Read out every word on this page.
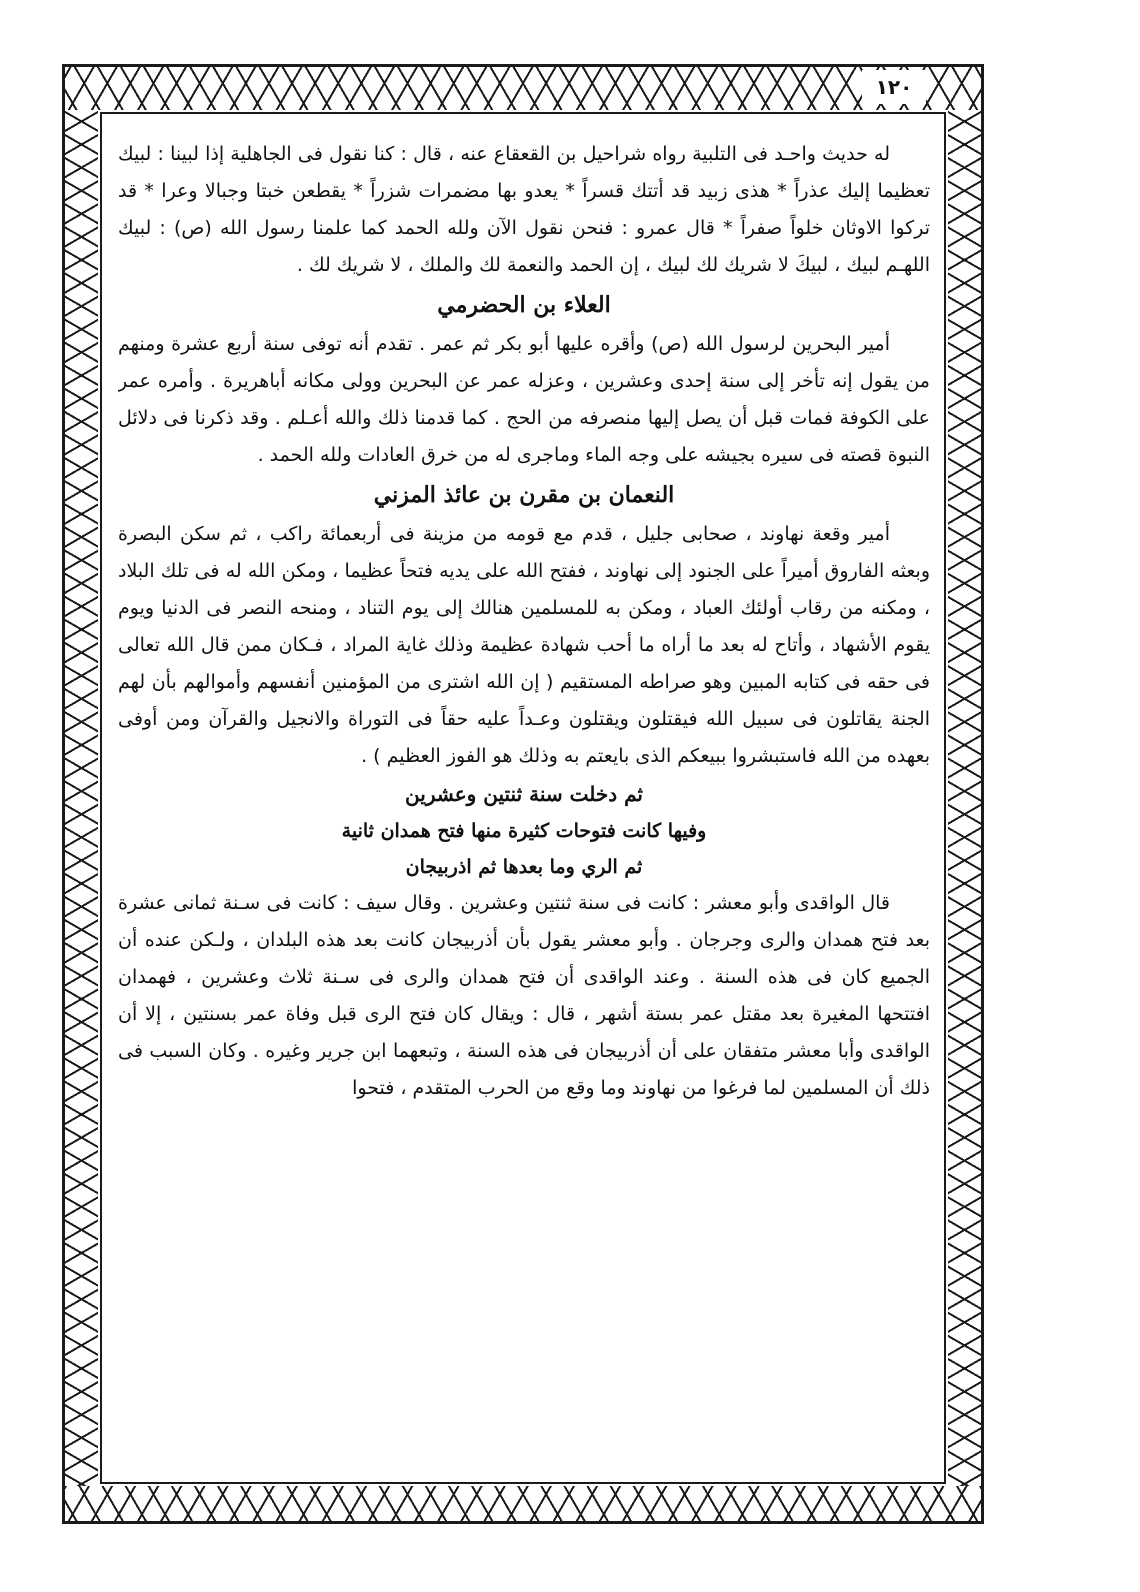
١٢٠

له حديث واحـد فى التلبية رواه شراحيل بن القعقاع عنه ، قال : كنا نقول فى الجاهلية إذا لبينا : لبيك تعظيما إليك عذراً * هذى زبيد قد أتتك قسراً * يعدو بها مضمرات شزراً * يقطعن خبتا وجبالا وعرا * قد تركوا الاوثان خلواً صفراً * قال عمرو : فنحن نقول الآن ولله الحمد كما علمنا رسول الله (ص) : لبيك اللهـم لبيك ، لبيكَ لا شريك لك لبيك ، إن الحمد والنعمة لك والملك ، لا شريك لك .

العلاء بن الحضرمي

أمير البحرين لرسول الله (ص) وأقره عليها أبو بكر ثم عمر . تقدم أنه توفى سنة أربع عشرة ومنهم من يقول إنه تأخر إلى سنة إحدى وعشرين ، وعزله عمر عن البحرين وولى مكانه أباهريرة . وأمره عمر على الكوفة فمات قبل أن يصل إليها منصرفه من الحج . كما قدمنا ذلك والله أعـلم . وقد ذكرنا فى دلائل النبوة قصته فى سيره بجيشه على وجه الماء وماجرى له من خرق العادات ولله الحمد .

النعمان بن مقرن بن عائذ المزني

أمير وقعة نهاوند ، صحابى جليل ، قدم مع قومه من مزينة فى أربعمائة راكب ، ثم سكن البصرة وبعثه الفاروق أميراً على الجنود إلى نهاوند ، ففتح الله على يديه فتحاً عظيما ، ومكن الله له فى تلك البلاد ، ومكنه من رقاب أولئك العباد ، ومكن به للمسلمين هنالك إلى يوم التناد ، ومنحه النصر فى الدنيا ويوم يقوم الأشهاد ، وأتاح له بعد ما أراه ما أحب شهادة عظيمة وذلك غاية المراد ، فـكان ممن قال الله تعالى فى حقه فى كتابه المبين وهو صراطه المستقيم ( إن الله اشترى من المؤمنين أنفسهم وأموالهم بأن لهم الجنة يقاتلون فى سبيل الله فيقتلون ويقتلون وعـداً عليه حقاً فى التوراة والانجيل والقرآن ومن أوفى بعهده من الله فاستبشروا ببيعكم الذى بايعتم به وذلك هو الفوز العظيم ) .

ثم دخلت سنة ثنتين وعشرين

وفيها كانت فتوحات كثيرة منها فتح همدان ثانية

ثم الري وما بعدها ثم اذربيجان

قال الواقدى وأبو معشر : كانت فى سنة ثنتين وعشرين . وقال سيف : كانت فى سـنة ثمانى عشرة بعد فتح همدان والرى وجرجان . وأبو معشر يقول بأن أذربيجان كانت بعد هذه البلدان ، ولـكن عنده أن الجميع كان فى هذه السنة . وعند الواقدى أن فتح همدان والرى فى سـنة ثلاث وعشرين ، فهمدان افتتحها المغيرة بعد مقتل عمر بستة أشهر ، قال : ويقال كان فتح الرى قبل وفاة عمر بسنتين ، إلا أن الواقدى وأبا معشر متفقان على أن أذربيجان فى هذه السنة ، وتبعهما ابن جرير وغيره . وكان السبب فى ذلك أن المسلمين لما فرغوا من نهاوند وما وقع من الحرب المتقدم ، فتحوا
